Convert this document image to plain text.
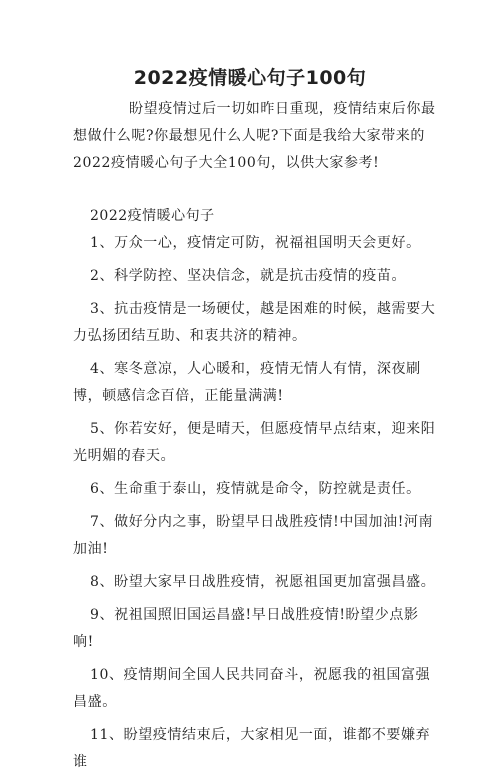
2022疫情暖心句子100句

盼望疫情过后一切如昨日重现，疫情结束后你最想做什么呢?你最想见什么人呢?下面是我给大家带来的2022疫情暖心句子大全100句，以供大家参考!

2022疫情暖心句子

1、万众一心，疫情定可防，祝福祖国明天会更好。

2、科学防控、坚决信念，就是抗击疫情的疫苗。

3、抗击疫情是一场硬仗，越是困难的时候，越需要大力弘扬团结互助、和衷共济的精神。

4、寒冬意凉，人心暖和，疫情无情人有情，深夜刷博，顿感信念百倍，正能量满满!

5、你若安好，便是晴天，但愿疫情早点结束，迎来阳光明媚的春天。

6、生命重于泰山，疫情就是命令，防控就是责任。

7、做好分内之事，盼望早日战胜疫情!中国加油!河南加油!

8、盼望大家早日战胜疫情，祝愿祖国更加富强昌盛。

9、祝祖国照旧国运昌盛!早日战胜疫情!盼望少点影响!

10、疫情期间全国人民共同奋斗，祝愿我的祖国富强昌盛。

11、盼望疫情结束后，大家相见一面，谁都不要嫌弃谁
